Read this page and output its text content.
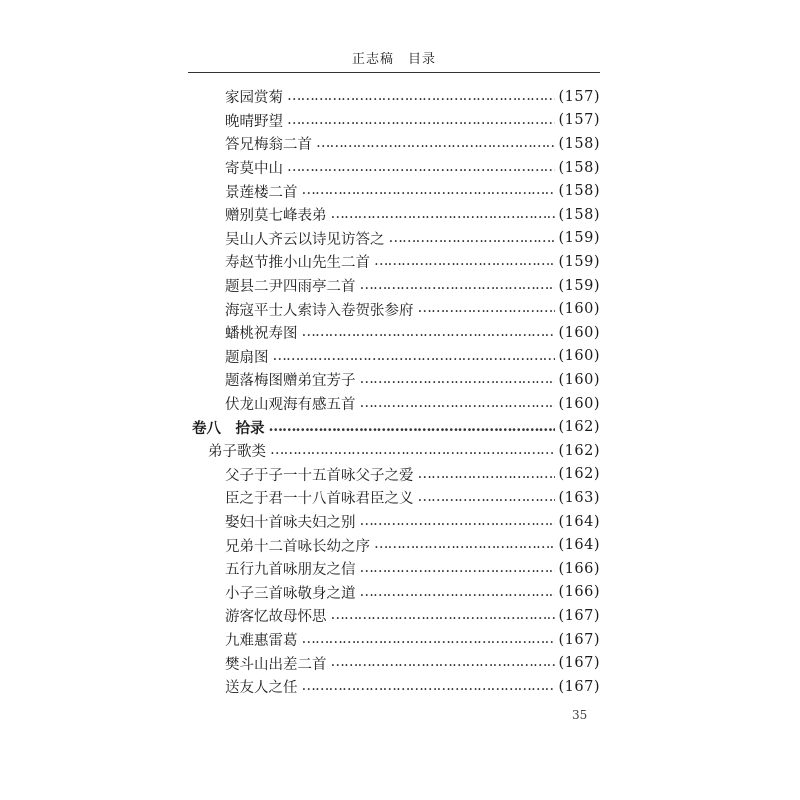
正志稿　目录
家园赏菊 …………………………………………………………………………………………………………………………………………	(157)
晚晴野望 …………………………………………………………………………………………………………………………………………	(157)
答兄梅翁二首 …………………………………………………………………………………………………………………………………………	(158)
寄莫中山 …………………………………………………………………………………………………………………………………………	(158)
景莲楼二首 …………………………………………………………………………………………………………………………………………	(158)
赠别莫七峰表弟 …………………………………………………………………………………………………………………………………………	(158)
吴山人齐云以诗见访答之 …………………………………………………………………………………………………………………………………………	(159)
寿赵节推小山先生二首 …………………………………………………………………………………………………………………………………………	(159)
题县二尹四雨亭二首 …………………………………………………………………………………………………………………………………………	(159)
海寇平士人索诗入卷贺张参府 …………………………………………………………………………………………………………………………………………	(160)
蟠桃祝寿图 …………………………………………………………………………………………………………………………………………	(160)
题扇图 …………………………………………………………………………………………………………………………………………	(160)
题落梅图赠弟宜芳子 …………………………………………………………………………………………………………………………………………	(160)
伏龙山观海有感五首 …………………………………………………………………………………………………………………………………………	(160)
卷八　拾录 …………………………………………………………………………………………………………………………………………	(162)
弟子歌类 …………………………………………………………………………………………………………………………………………	(162)
父子于子一十五首咏父子之爱 …………………………………………………………………………………………………………………………………………	(162)
臣之于君一十八首咏君臣之义 …………………………………………………………………………………………………………………………………………	(163)
娶妇十首咏夫妇之别 …………………………………………………………………………………………………………………………………………	(164)
兄弟十二首咏长幼之序 …………………………………………………………………………………………………………………………………………	(164)
五行九首咏朋友之信 …………………………………………………………………………………………………………………………………………	(166)
小子三首咏敬身之道 …………………………………………………………………………………………………………………………………………	(166)
游客忆故母怀思 …………………………………………………………………………………………………………………………………………	(167)
九难惠雷葛 …………………………………………………………………………………………………………………………………………	(167)
樊斗山出差二首 …………………………………………………………………………………………………………………………………………	(167)
送友人之任 …………………………………………………………………………………………………………………………………………	(167)
35
